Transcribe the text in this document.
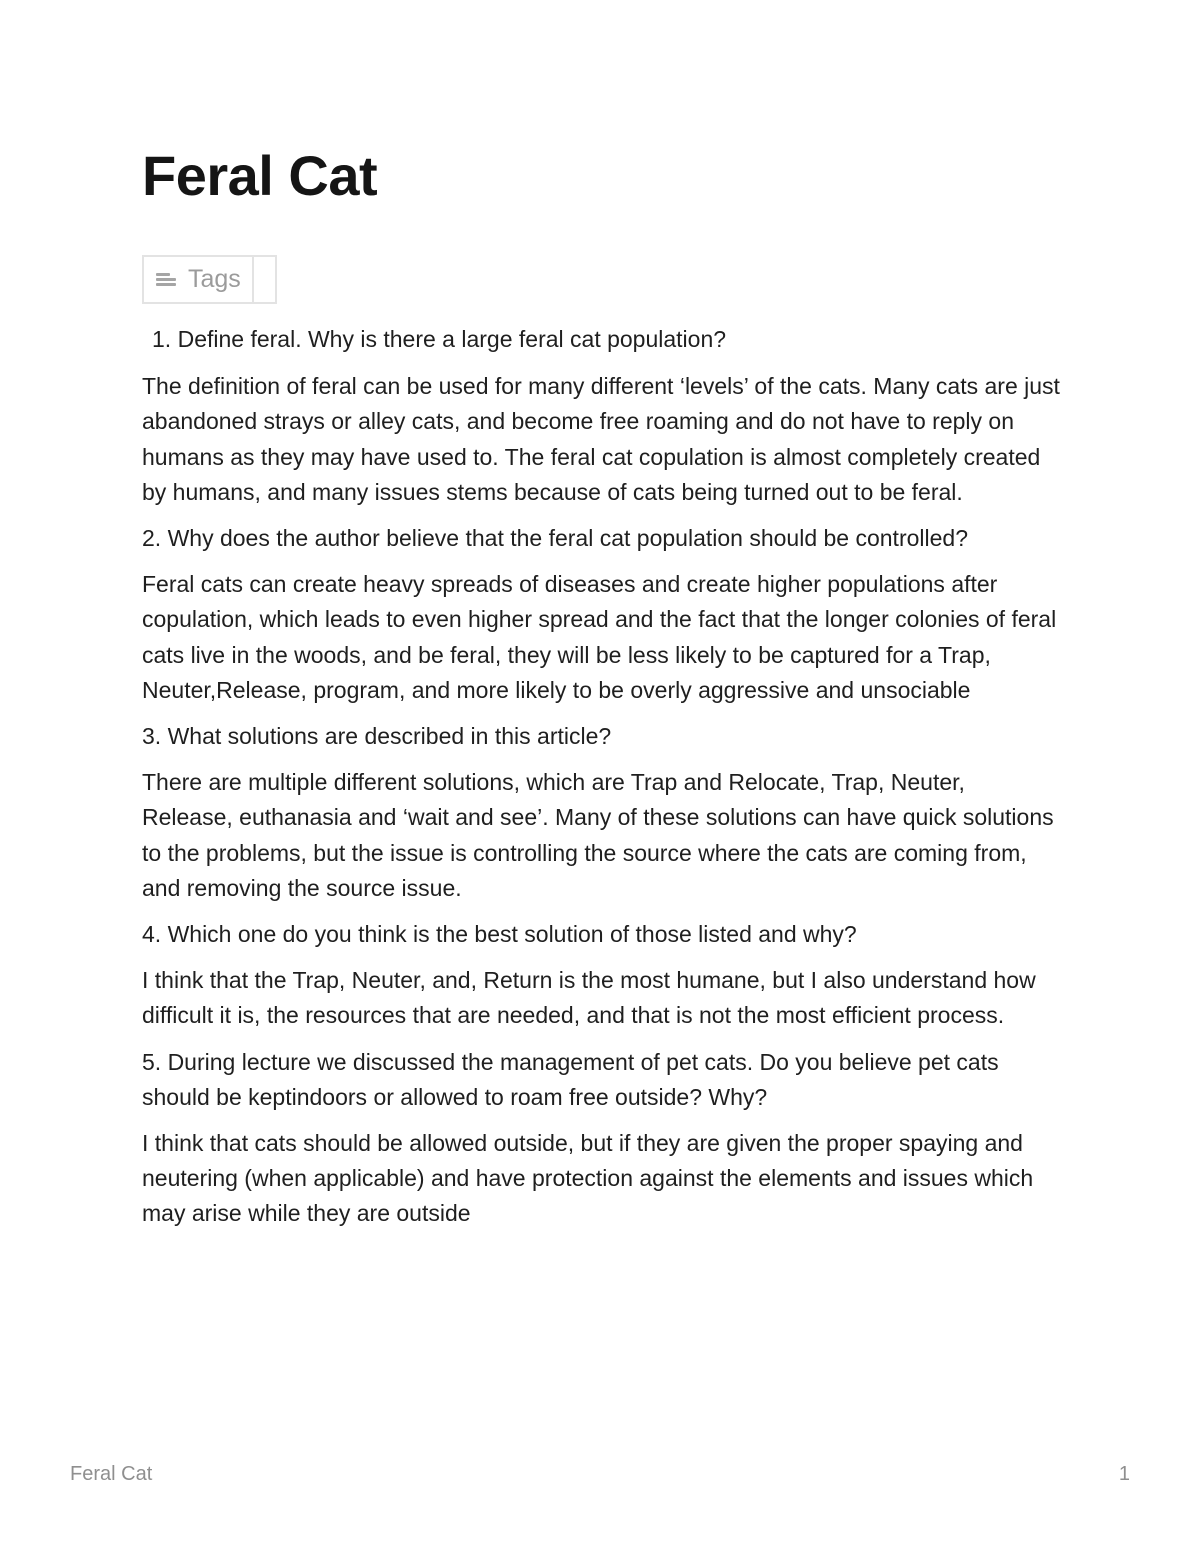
Feral Cat
Tags

1. Define feral. Why is there a large feral cat population?

The definition of feral can be used for many different ‘levels’ of the cats. Many cats are just abandoned strays or alley cats, and become free roaming and do not have to reply on humans as they may have used to. The feral cat copulation is almost completely created by humans, and many issues stems because of cats being turned out to be feral.

2. Why does the author believe that the feral cat population should be controlled?

Feral cats can create heavy spreads of diseases and create higher populations after copulation, which leads to even higher spread and the fact that the longer colonies of feral cats live in the woods, and be feral, they will be less likely to be captured for a Trap, Neuter,Release, program, and more likely to be overly aggressive and unsociable

3. What solutions are described in this article?

There are multiple different solutions, which are Trap and Relocate, Trap, Neuter, Release, euthanasia and ‘wait and see’. Many of these solutions can have quick solutions to the problems, but the issue is controlling the source where the cats are coming from, and removing the source issue.

4. Which one do you think is the best solution of those listed and why?

I think that the Trap, Neuter, and, Return is the most humane, but I also understand how difficult it is, the resources that are needed, and that is not the most efficient process.

5. During lecture we discussed the management of pet cats. Do you believe pet cats should be keptindoors or allowed to roam free outside? Why?

I think that cats should be allowed outside, but if they are given the proper spaying and neutering (when applicable) and have protection against the elements and issues which may arise while they are outside

Feral Cat	1
